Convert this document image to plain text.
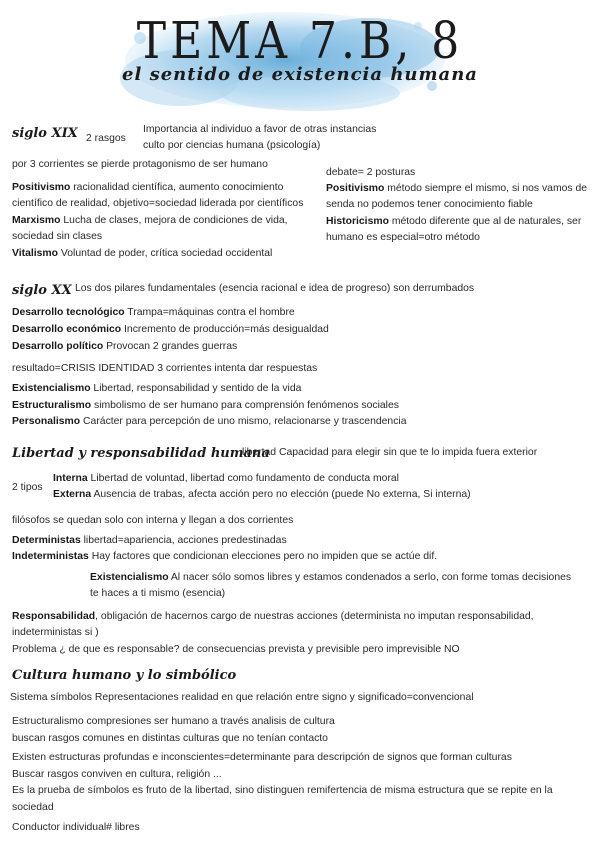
TEMA 7.B, 8
el sentido de existencia humana
siglo XIX 2 rasgos
Importancia al individuo a favor de otras instancias
culto por ciencias humana (psicología)
por 3 corrientes se pierde protagonismo de ser humano
Positivismo racionalidad científica, aumento conocimiento
científico de realidad, objetivo=sociedad liderada por científicos
Marxismo Lucha de clases, mejora de condiciones de vida,
sociedad sin clases
Vitalismo Voluntad de poder, crítica sociedad occidental
debate= 2 posturas
Positivismo método siempre el mismo, si nos vamos de
senda no podemos tener conocimiento fiable
Historicismo método diferente que al de naturales, ser
humano es especial=otro método
siglo XX Los dos pilares fundamentales (esencia racional e idea de progreso) son derrumbados
Desarrollo tecnológico Trampa=máquinas contra el hombre
Desarrollo económico Incremento de producción=más desigualdad
Desarrollo político Provocan 2 grandes guerras
resultado=CRISIS IDENTIDAD 3 corrientes intenta dar respuestas
Existencialismo Libertad, responsabilidad y sentido de la vida
Estructuralismo simbolismo de ser humano para comprensión fenómenos sociales
Personalismo Carácter para percepción de uno mismo, relacionarse y trascendencia
Libertad y responsabilidad humana
libertad Capacidad para elegir sin que te lo impida fuera exterior
2 tipos
Interna Libertad de voluntad, libertad como fundamento de conducta moral
Externa Ausencia de trabas, afecta acción pero no elección (puede No externa, Si interna)
filósofos se quedan solo con interna y llegan a dos corrientes
Deterministas libertad=apariencia, acciones predestinadas
Indeterministas Hay factores que condicionan elecciones pero no impiden que se actúe dif.
Existencialismo Al nacer sólo somos libres y estamos condenados a serlo, con forme tomas decisiones
te haces a ti mismo (esencia)
Responsabilidad, obligación de hacernos cargo de nuestras acciones (determinista no imputan responsabilidad,
indeterministas si )
Problema ¿ de que es responsable? de consecuencias prevista y previsible pero imprevisible NO
Cultura humano y lo simbólico
Sistema símbolos Representaciones realidad en que relación entre signo y significado=convencional
Estructuralismo compresiones ser humano a través analisis de cultura
buscan rasgos comunes en distintas culturas que no tenían contacto
Existen estructuras profundas e inconscientes=determinante para descripción de signos que forman culturas
Buscar rasgos conviven en cultura, religión ...
Es la prueba de símbolos es fruto de la libertad, sino distinguen remifertencia de misma estructura que se repite en la
sociedad
Conductor individual# libres
